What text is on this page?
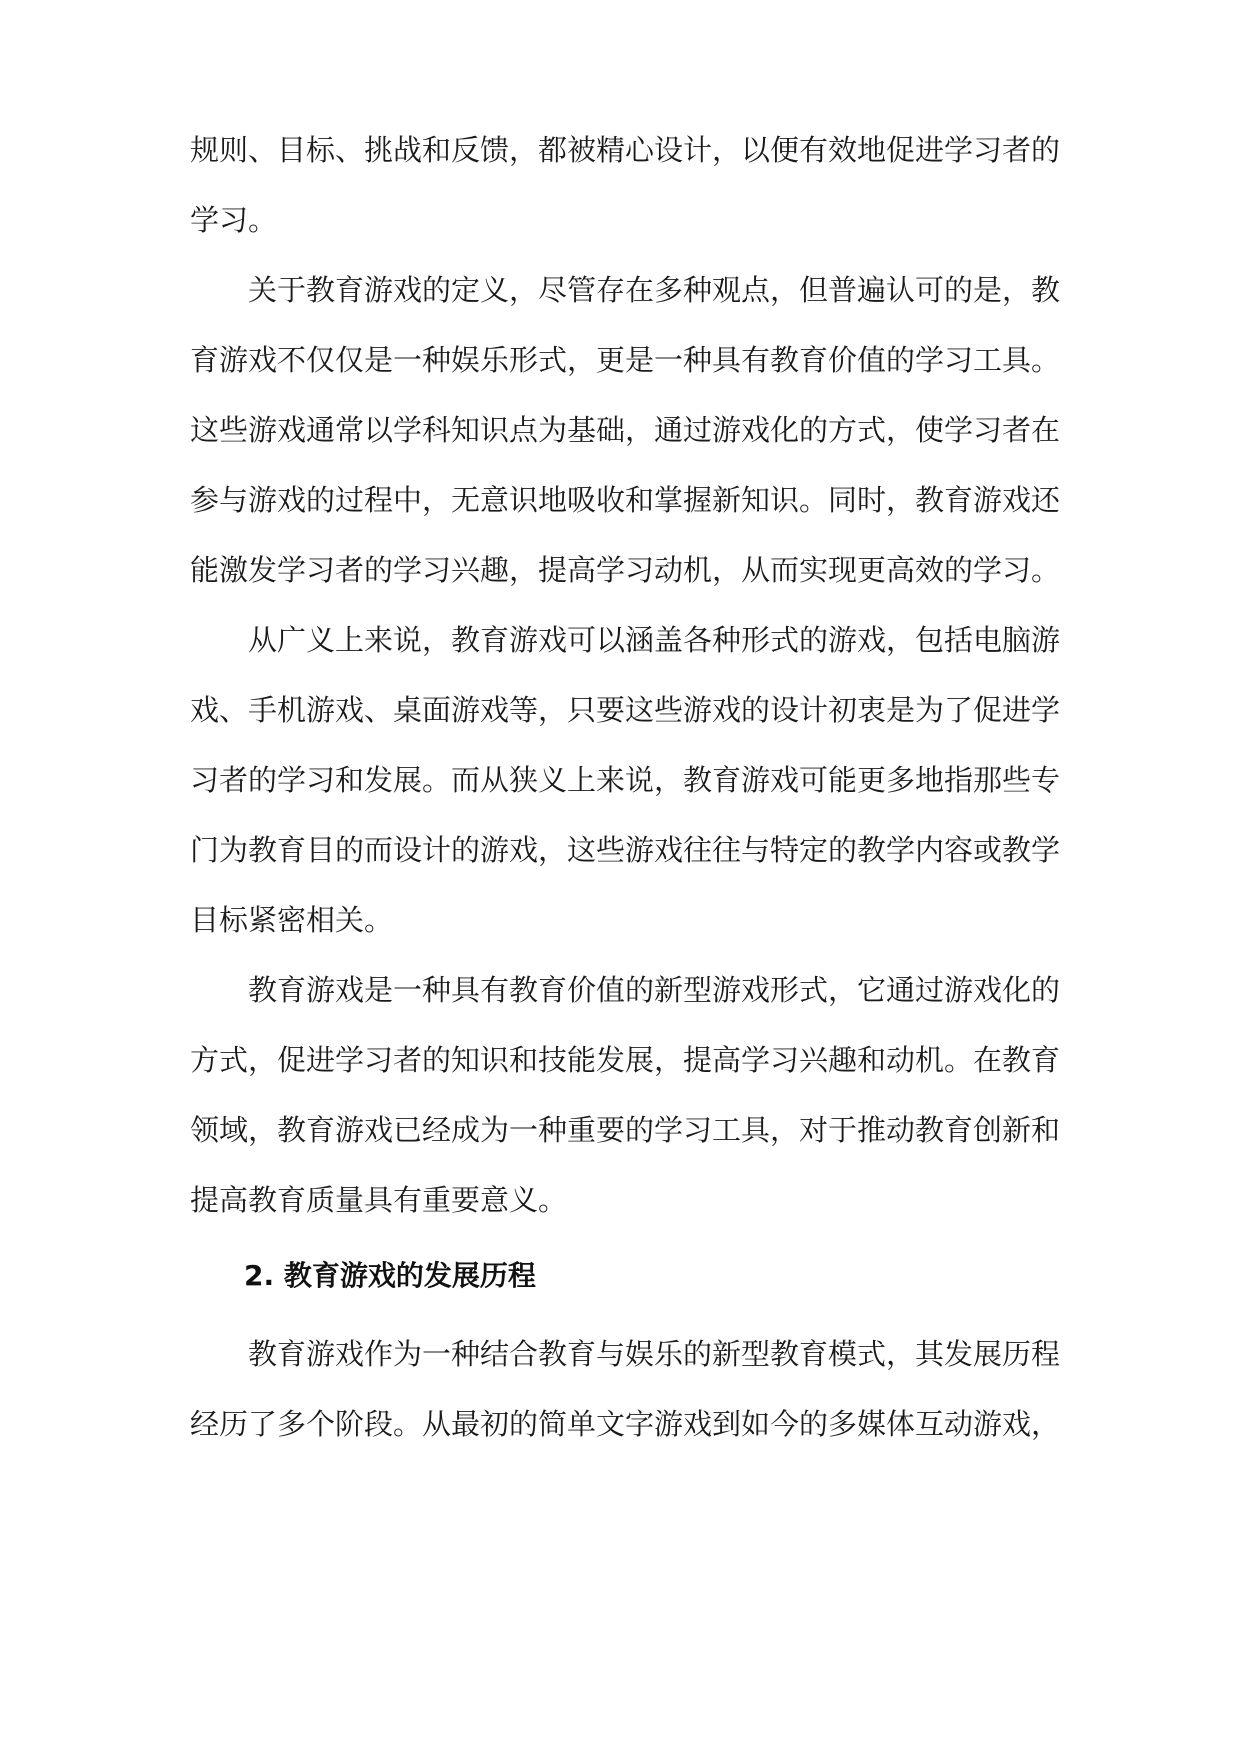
规则、目标、挑战和反馈，都被精心设计，以便有效地促进学习者的
学习。
关于教育游戏的定义，尽管存在多种观点，但普遍认可的是，教
育游戏不仅仅是一种娱乐形式，更是一种具有教育价值的学习工具。
这些游戏通常以学科知识点为基础，通过游戏化的方式，使学习者在
参与游戏的过程中，无意识地吸收和掌握新知识。同时，教育游戏还
能激发学习者的学习兴趣，提高学习动机，从而实现更高效的学习。
从广义上来说，教育游戏可以涵盖各种形式的游戏，包括电脑游
戏、手机游戏、桌面游戏等，只要这些游戏的设计初衷是为了促进学
习者的学习和发展。而从狭义上来说，教育游戏可能更多地指那些专
门为教育目的而设计的游戏，这些游戏往往与特定的教学内容或教学
目标紧密相关。
教育游戏是一种具有教育价值的新型游戏形式，它通过游戏化的
方式，促进学习者的知识和技能发展，提高学习兴趣和动机。在教育
领域，教育游戏已经成为一种重要的学习工具，对于推动教育创新和
提高教育质量具有重要意义。
2. 教育游戏的发展历程
教育游戏作为一种结合教育与娱乐的新型教育模式，其发展历程
经历了多个阶段。从最初的简单文字游戏到如今的多媒体互动游戏，
